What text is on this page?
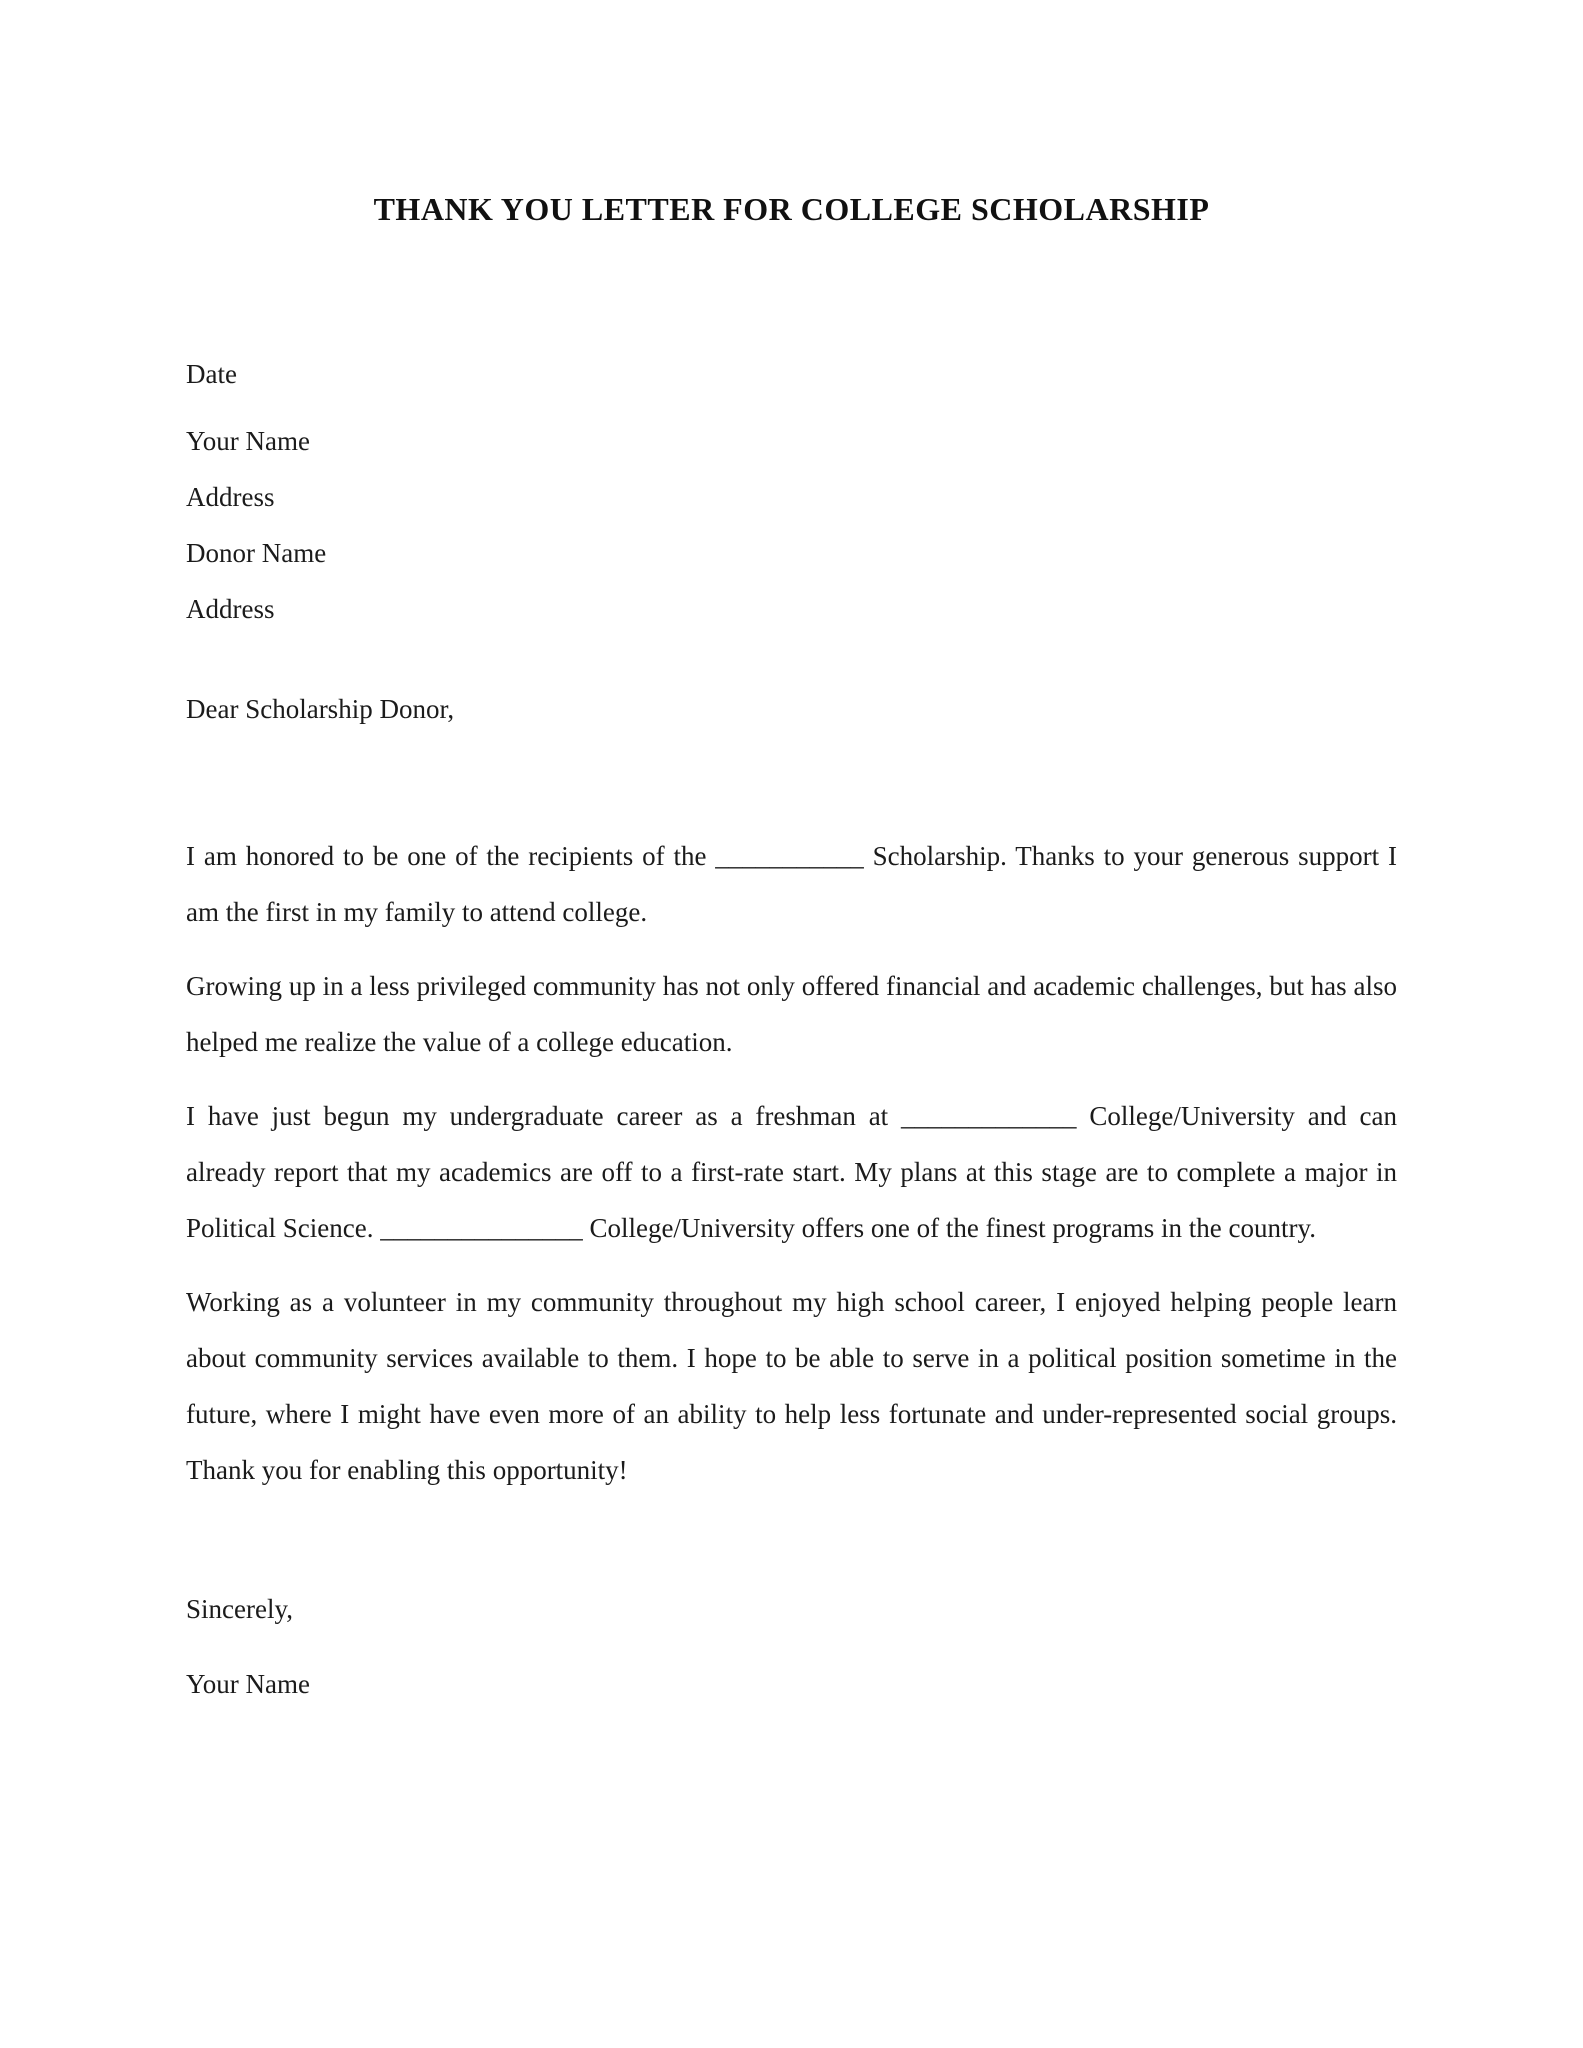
THANK YOU LETTER FOR COLLEGE SCHOLARSHIP

Date

Your Name

Address

Donor Name

Address

Dear Scholarship Donor,

I am honored to be one of the recipients of the ___________ Scholarship. Thanks to your generous support I am the first in my family to attend college.

Growing up in a less privileged community has not only offered financial and academic challenges, but has also helped me realize the value of a college education.

I have just begun my undergraduate career as a freshman at _____________ College/University and can already report that my academics are off to a first-rate start. My plans at this stage are to complete a major in Political Science. _______________ College/University offers one of the finest programs in the country.

Working as a volunteer in my community throughout my high school career, I enjoyed helping people learn about community services available to them. I hope to be able to serve in a political position sometime in the future, where I might have even more of an ability to help less fortunate and under-represented social groups. Thank you for enabling this opportunity!

Sincerely,

Your Name
